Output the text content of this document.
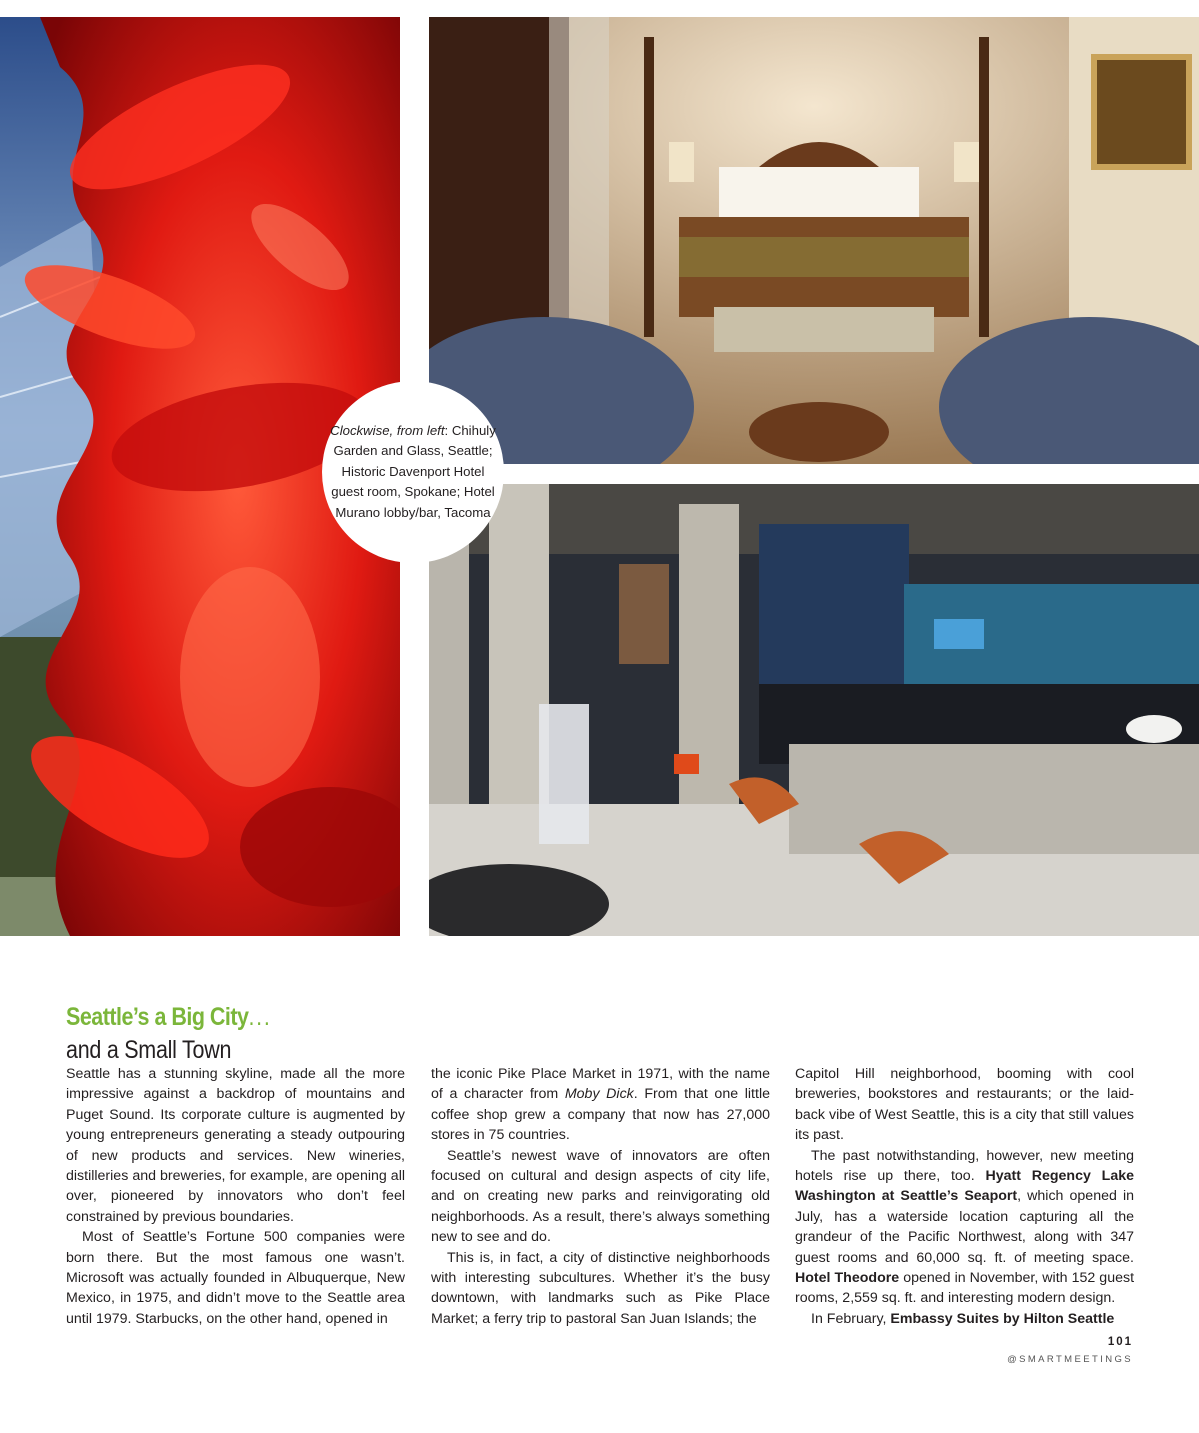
Clockwise, from left: Chihuly Garden and Glass, Seattle; Historic Davenport Hotel guest room, Spokane; Hotel Murano lobby/bar, Tacoma
Seattle’s a Big City...
and a Small Town

Seattle has a stunning skyline, made all the more impressive against a backdrop of mountains and Puget Sound. Its corporate culture is augmented by young entrepreneurs generating a steady outpouring of new products and services. New wineries, distilleries and breweries, for example, are opening all over, pioneered by innovators who don’t feel constrained by previous boundaries.

Most of Seattle’s Fortune 500 companies were born there. But the most famous one wasn’t. Microsoft was actually founded in Albuquerque, New Mexico, in 1975, and didn’t move to the Seattle area until 1979. Starbucks, on the other hand, opened in

the iconic Pike Place Market in 1971, with the name of a character from Moby Dick. From that one little coffee shop grew a company that now has 27,000 stores in 75 countries.

Seattle’s newest wave of innovators are often focused on cultural and design aspects of city life, and on creating new parks and reinvigorating old neighborhoods. As a result, there’s always something new to see and do.

This is, in fact, a city of distinctive neighborhoods with interesting subcultures. Whether it’s the busy downtown, with landmarks such as Pike Place Market; a ferry trip to pastoral San Juan Islands; the

Capitol Hill neighborhood, booming with cool breweries, bookstores and restaurants; or the laid-back vibe of West Seattle, this is a city that still values its past.

The past notwithstanding, however, new meeting hotels rise up there, too. Hyatt Regency Lake Washington at Seattle’s Seaport, which opened in July, has a waterside location capturing all the grandeur of the Pacific Northwest, along with 347 guest rooms and 60,000 sq. ft. of meeting space. Hotel Theodore opened in November, with 152 guest rooms, 2,559 sq. ft. and interesting modern design.

In February, Embassy Suites by Hilton Seattle

101
@SMARTMEETINGS
